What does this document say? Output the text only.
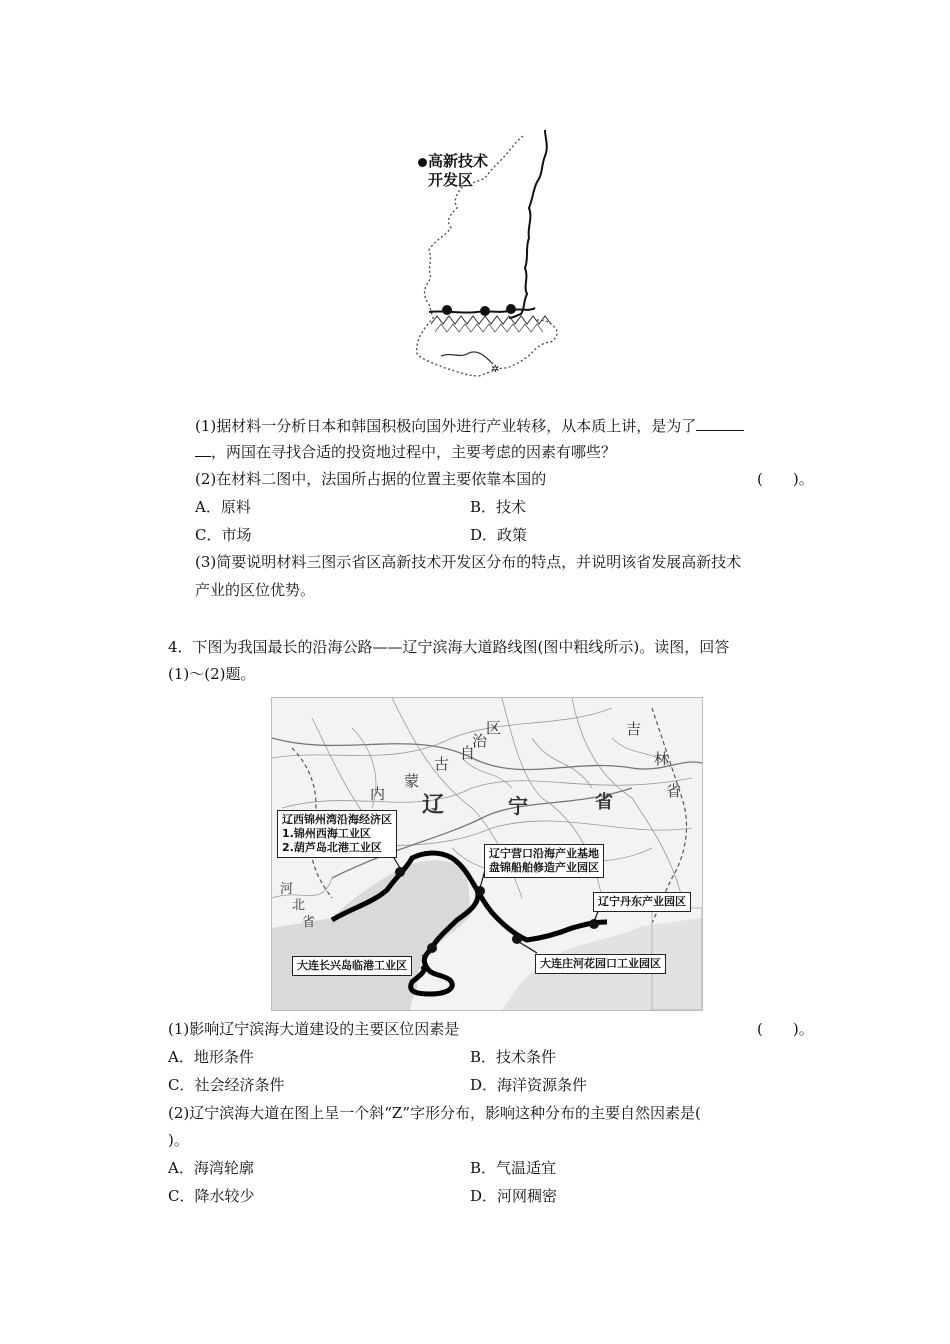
✲
高新技术
开发区
(1)据材料一分析日本和韩国积极向国外进行产业转移，从本质上讲，是为了
，两国在寻找合适的投资地过程中，主要考虑的因素有哪些？
(2)在材料二图中，法国所占据的位置主要依靠本国的	(　　)。
A．原料	B．技术
C．市场	D．政策
(3)简要说明材料三图示省区高新技术开发区分布的特点，并说明该省发展高新技术
产业的区位优势。
4．下图为我国最长的沿海公路——辽宁滨海大道路线图(图中粗线所示)。读图，回答
(1)～(2)题。
内
蒙
古
自
治
区
辽	宁	省
吉
林
省
河
北
省
辽西锦州湾沿海经济区
1.锦州西海工业区
2.葫芦岛北港工业区	辽宁营口沿海产业基地
盘锦船舶修造产业园区
辽宁丹东产业园区
大连长兴岛临港工业区	大连庄河花园口工业园区
(1)影响辽宁滨海大道建设的主要区位因素是	(　　)。
A．地形条件	B．技术条件
C．社会经济条件	D．海洋资源条件
(2)辽宁滨海大道在图上呈一个斜“Z”字形分布，影响这种分布的主要自然因素是(
)。
A．海湾轮廓	B．气温适宜
C．降水较少	D．河网稠密
